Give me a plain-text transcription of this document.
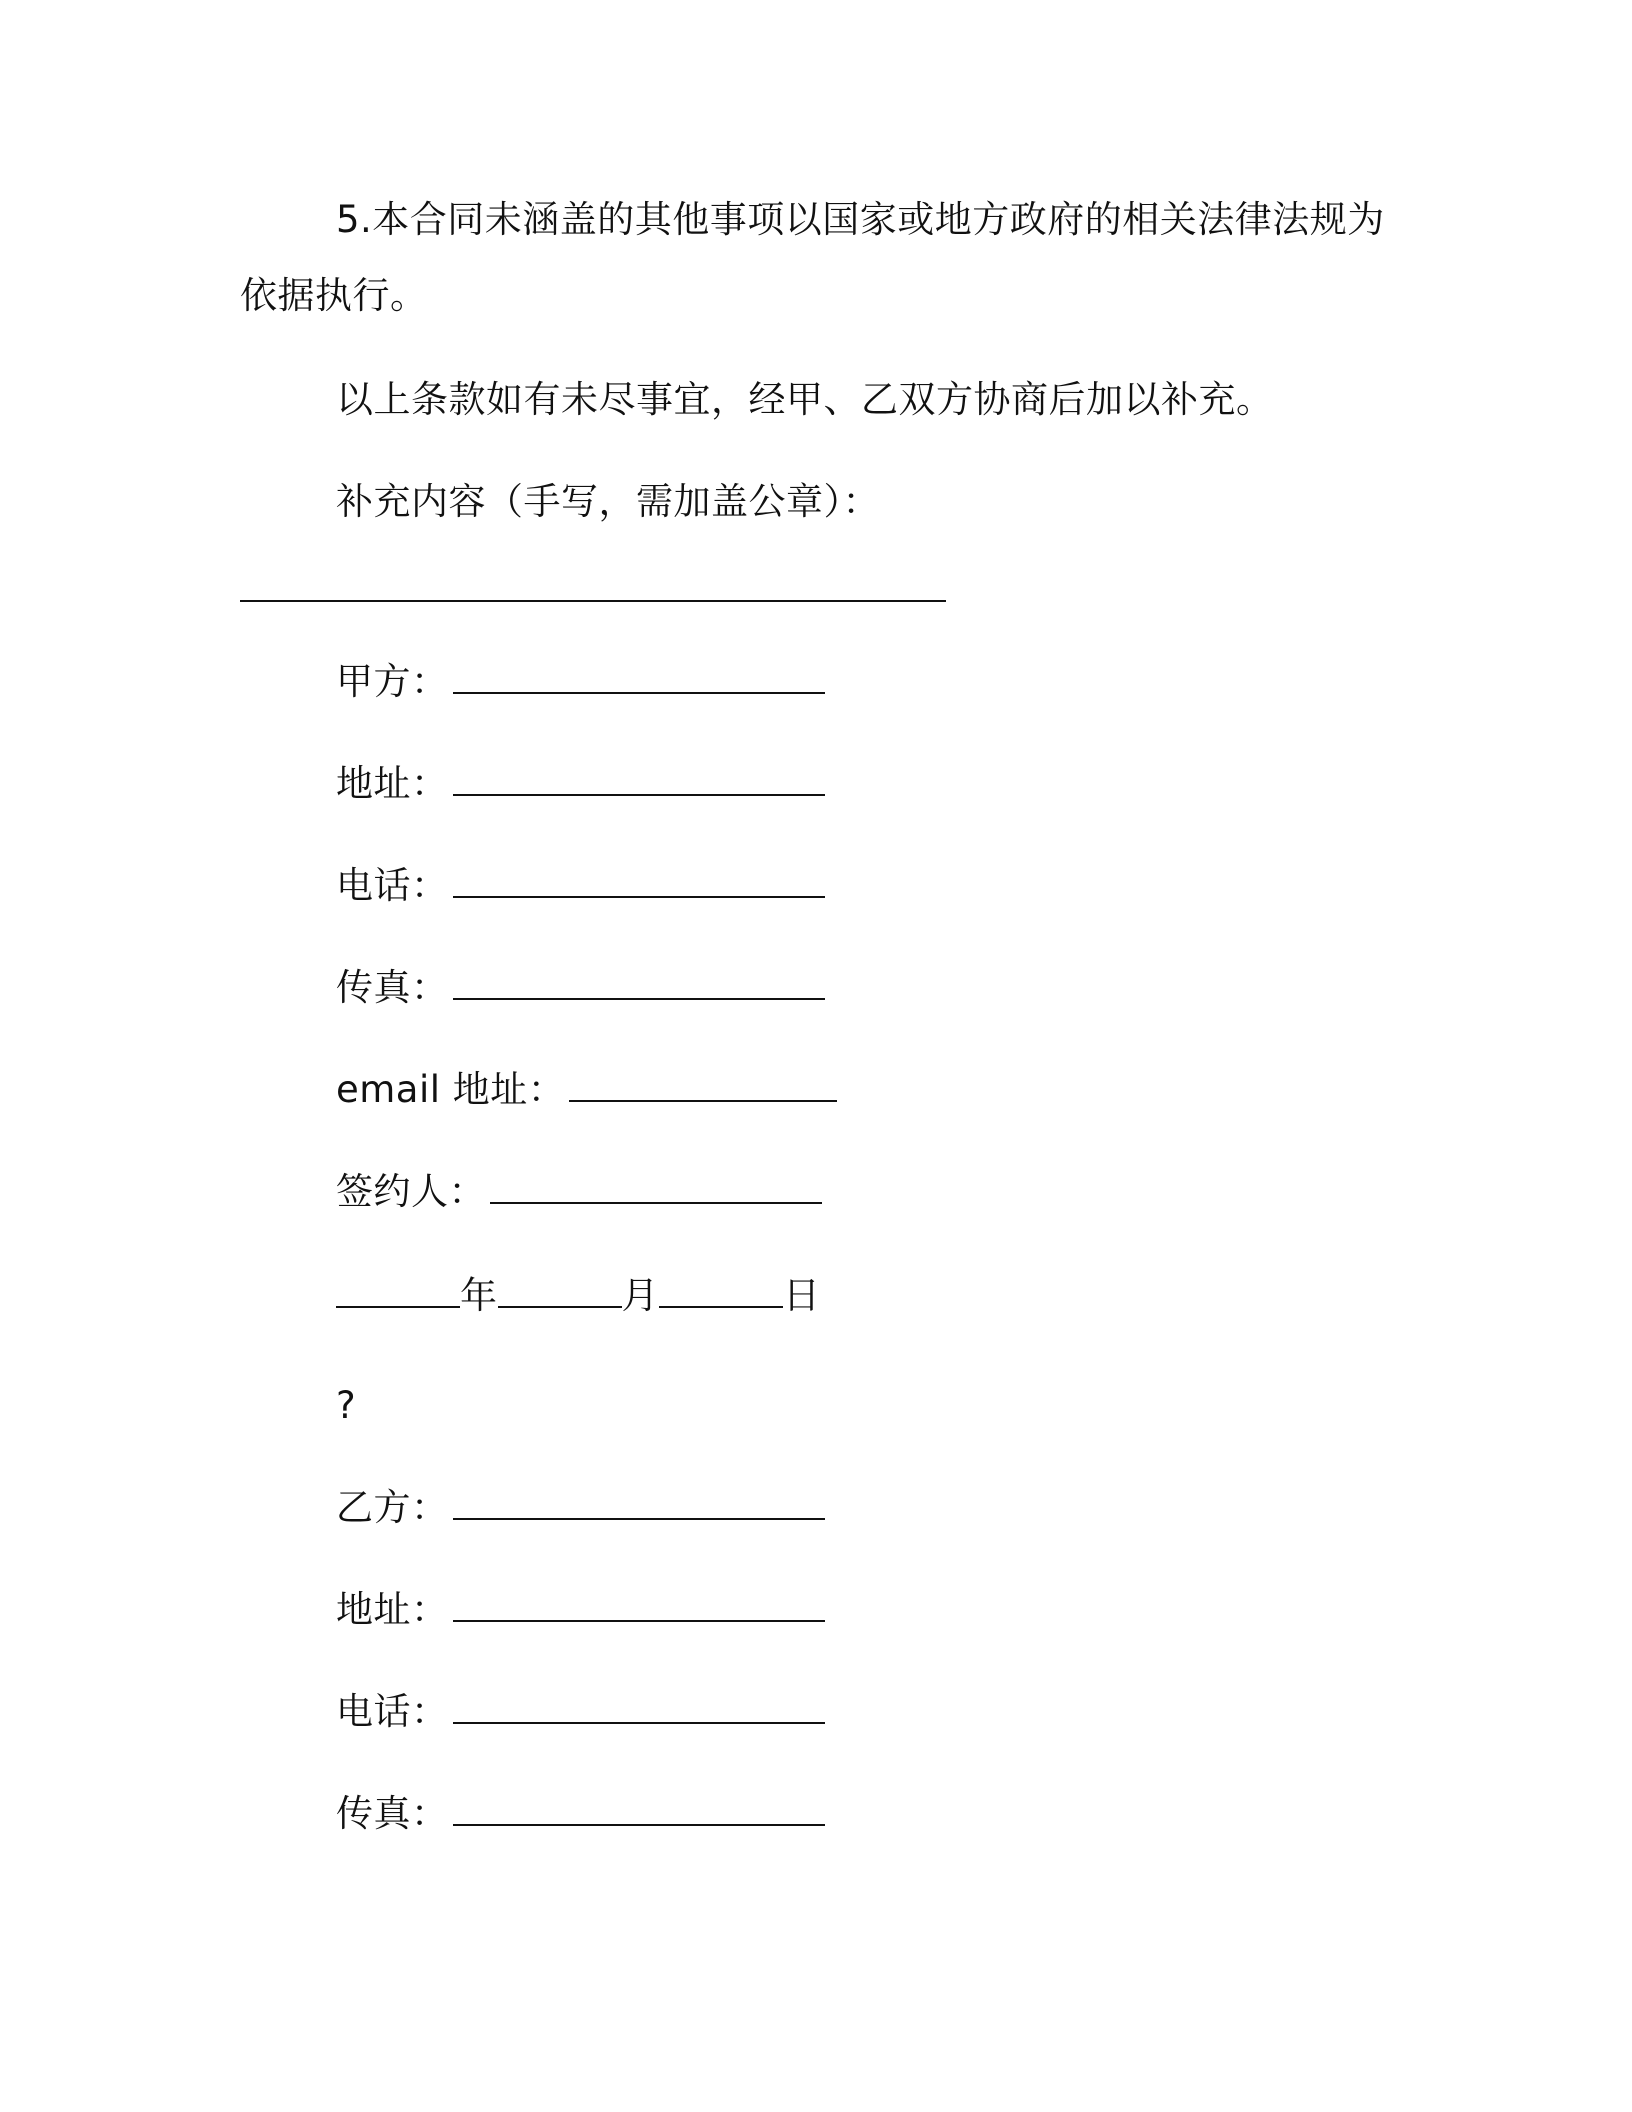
5.本合同未涵盖的其他事项以国家或地方政府的相关法律法规为
依据执行。
以上条款如有未尽事宜，经甲、乙双方协商后加以补充。
补充内容（手写，需加盖公章）：
甲方：
地址：
电话：
传真：
email 地址：
签约人：
年	月	日
?
乙方：
地址：
电话：
传真：
